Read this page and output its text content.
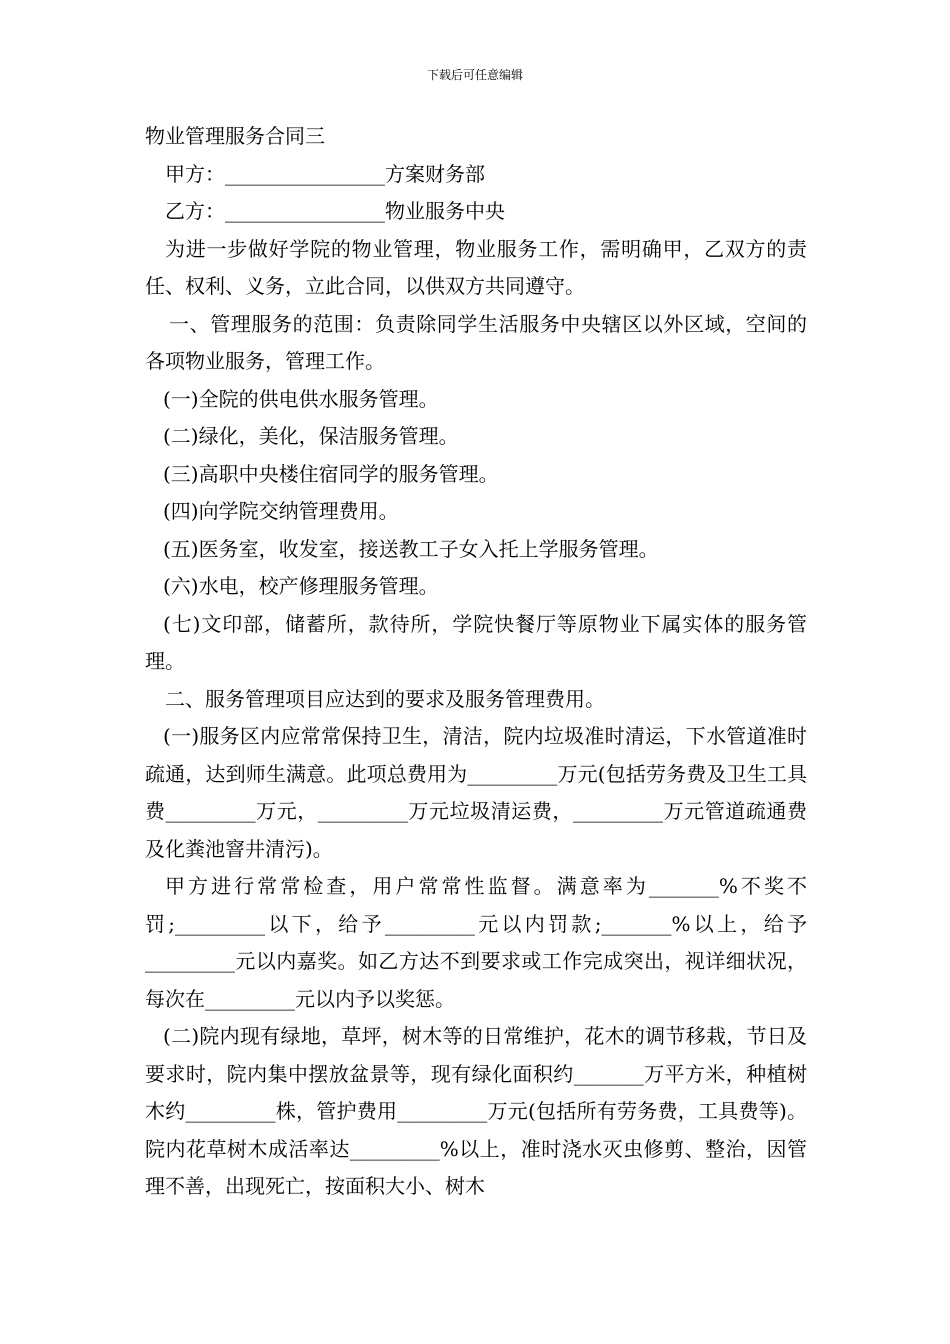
下载后可任意编辑

物业管理服务合同三

甲方：________________方案财务部

乙方：________________物业服务中央

为进一步做好学院的物业管理，物业服务工作，需明确甲，乙双方的责任、权利、义务，立此合同，以供双方共同遵守。

一、管理服务的范围：负责除同学生活服务中央辖区以外区域，空间的各项物业服务，管理工作。

(一)全院的供电供水服务管理。

(二)绿化，美化，保洁服务管理。

(三)高职中央楼住宿同学的服务管理。

(四)向学院交纳管理费用。

(五)医务室，收发室，接送教工子女入托上学服务管理。

(六)水电，校产修理服务管理。

(七)文印部，储蓄所，款待所，学院快餐厅等原物业下属实体的服务管理。

二、服务管理项目应达到的要求及服务管理费用。

(一)服务区内应常常保持卫生，清洁，院内垃圾准时清运，下水管道准时疏通，达到师生满意。此项总费用为_________万元(包括劳务费及卫生工具费_________万元，_________万元垃圾清运费，_________万元管道疏通费及化粪池窨井清污)。

甲方进行常常检查，用户常常性监督。满意率为_______%不奖不罚;_________以下，给予_________元以内罚款;_______%以上，给予_________元以内嘉奖。如乙方达不到要求或工作完成突出，视详细状况，每次在_________元以内予以奖惩。

(二)院内现有绿地，草坪，树木等的日常维护，花木的调节移栽，节日及要求时，院内集中摆放盆景等，现有绿化面积约_______万平方米，种植树木约_________株，管护费用_________万元(包括所有劳务费，工具费等)。院内花草树木成活率达_________%以上，准时浇水灭虫修剪、整治，因管理不善，出现死亡，按面积大小、树木
